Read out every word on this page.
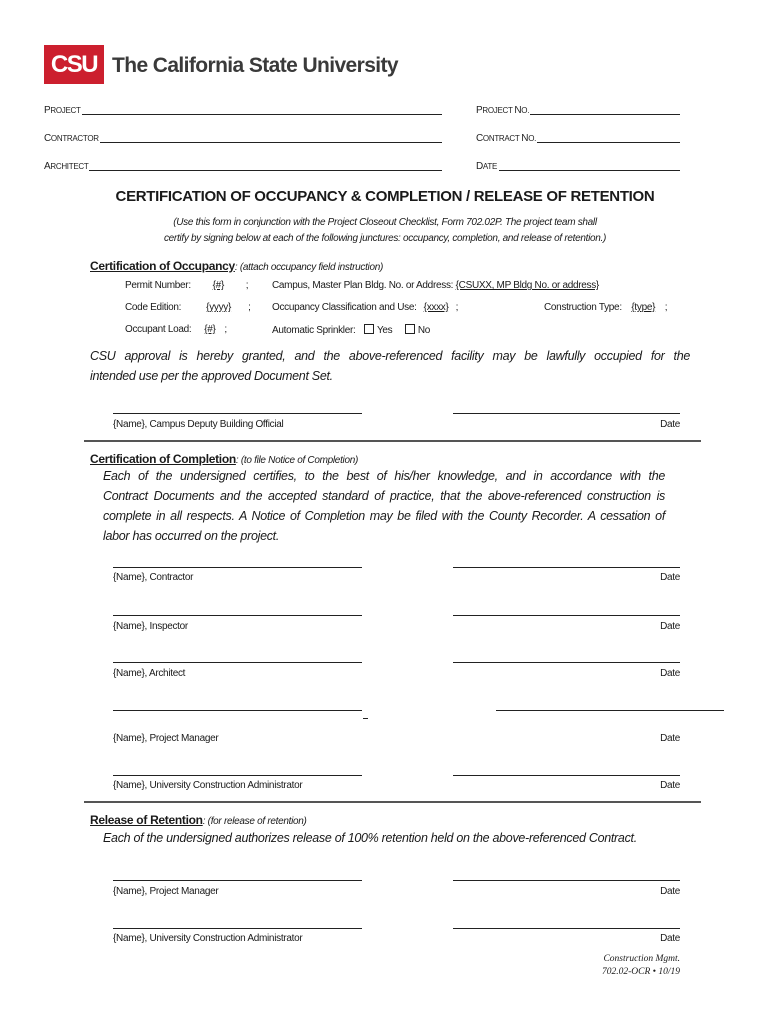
CSU The California State University
PROJECT	PROJECT NO.
CONTRACTOR	CONTRACT NO.
ARCHITECT	DATE
CERTIFICATION OF OCCUPANCY & COMPLETION / RELEASE OF RETENTION
(Use this form in conjunction with the Project Closeout Checklist, Form 702.02P. The project team shall
certify by signing below at each of the following junctures: occupancy, completion, and release of retention.)
Certification of Occupancy: (attach occupancy field instruction)
Permit Number: {#} ; Campus, Master Plan Bldg. No. or Address: {CSUXX, MP Bldg No. or address}
Code Edition:	{yyyy} ; Occupancy Classification and Use: {xxxx} ;	Construction Type: {type} ;
Occupant Load: {#} ;	Automatic Sprinkler: Yes	No
CSU approval is hereby granted, and the above-referenced facility may be lawfully occupied for the
intended use per the approved Document Set.
{Name}, Campus Deputy Building Official	Date
Certification of Completion: (to file Notice of Completion)
Each of the undersigned certifies, to the best of his/her knowledge, and in accordance with the
Contract Documents and the accepted standard of practice, that the above-referenced construction is
complete in all respects. A Notice of Completion may be filed with the County Recorder. A cessation of
labor has occurred on the project.
{Name}, Contractor	Date
{Name}, Inspector	Date
{Name}, Architect	Date
{Name}, Project Manager	Date
{Name}, University Construction Administrator	Date
Release of Retention: (for release of retention)
Each of the undersigned authorizes release of 100% retention held on the above-referenced Contract.
{Name}, Project Manager	Date
{Name}, University Construction Administrator	Date
Construction Mgmt.
702.02-OCR • 10/19
